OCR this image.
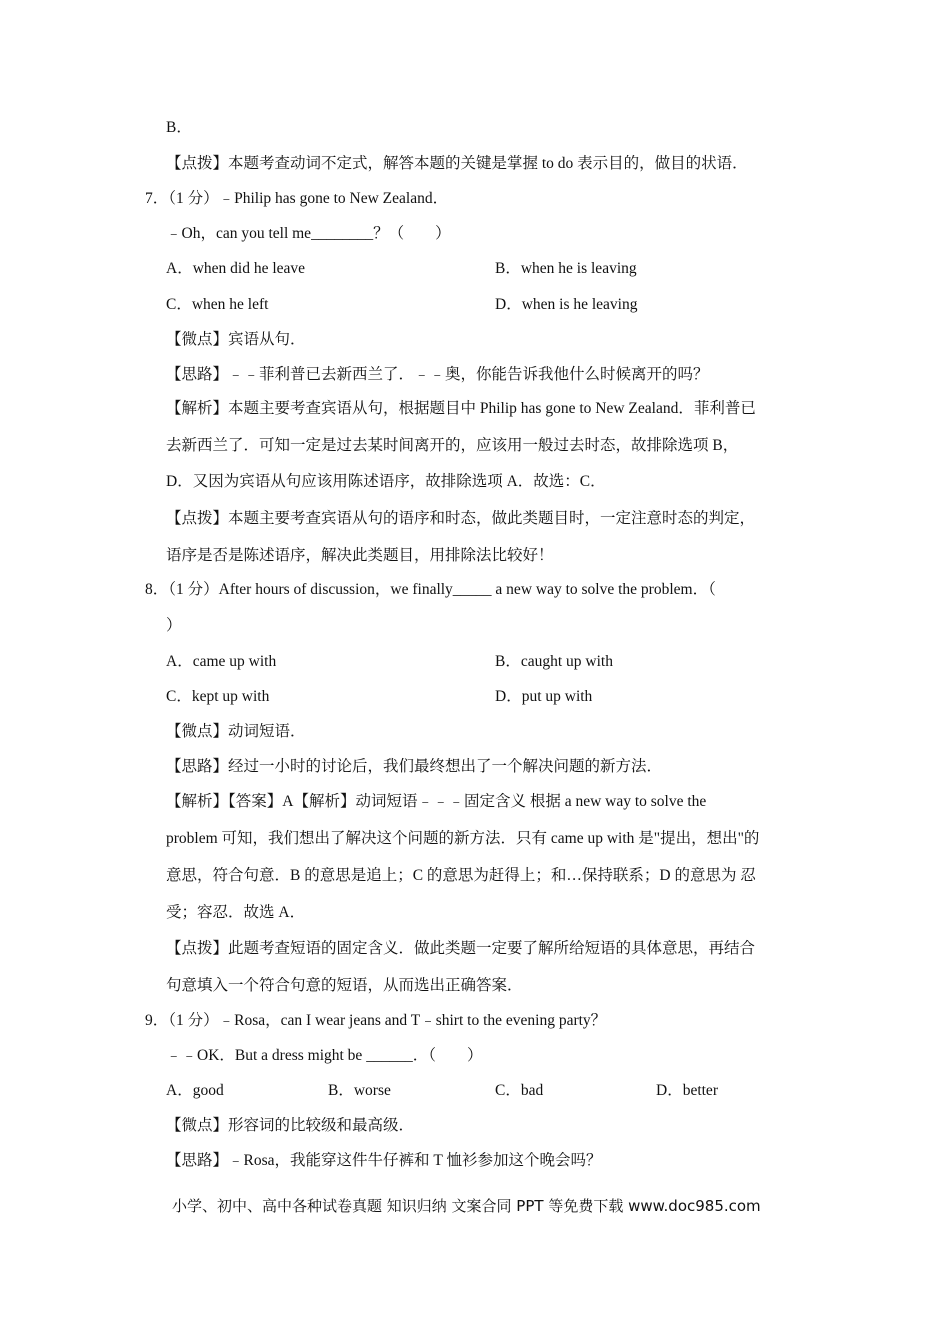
B．
【点拨】本题考查动词不定式，解答本题的关键是掌握 to do 表示目的，做目的状语．
7．（1 分）﹣Philip has gone to New Zealand．
﹣Oh，can you tell me________？（　　）
A．when did he leave	B．when he is leaving
C．when he left	D．when is he leaving
【微点】宾语从句．
【思路】﹣﹣菲利普已去新西兰了．﹣﹣奥，你能告诉我他什么时候离开的吗？
【解析】本题主要考查宾语从句，根据题目中 Philip has gone to New Zealand．菲利普已
去新西兰了．可知一定是过去某时间离开的，应该用一般过去时态，故排除选项 B，
D．又因为宾语从句应该用陈述语序，故排除选项 A．故选：C．
【点拨】本题主要考查宾语从句的语序和时态，做此类题目时，一定注意时态的判定，
语序是否是陈述语序，解决此类题目，用排除法比较好！
8．（1 分）After hours of discussion，we finally_____ a new way to solve the problem．（
）
A．came up with	B．caught up with
C．kept up with	D．put up with
【微点】动词短语．
【思路】经过一小时的讨论后，我们最终想出了一个解决问题的新方法．
【解析】【答案】A【解析】动词短语﹣﹣﹣固定含义 根据 a new way to solve the
problem 可知，我们想出了解决这个问题的新方法．只有 came up with 是"提出，想出"的
意思，符合句意．B 的意思是追上；C 的意思为赶得上；和…保持联系；D 的意思为 忍
受；容忍．故选 A．
【点拨】此题考查短语的固定含义．做此类题一定要了解所给短语的具体意思，再结合
句意填入一个符合句意的短语，从而选出正确答案．
9．（1 分）﹣Rosa，can I wear jeans and T﹣shirt to the evening party？
﹣﹣OK．But a dress might be ______．（　　）
A．good	B．worse	C．bad	D．better
【微点】形容词的比较级和最高级．
【思路】﹣Rosa，我能穿这件牛仔裤和 T 恤衫参加这个晚会吗？
小学、初中、高中各种试卷真题 知识归纳 文案合同 PPT 等免费下载 www.doc985.com
